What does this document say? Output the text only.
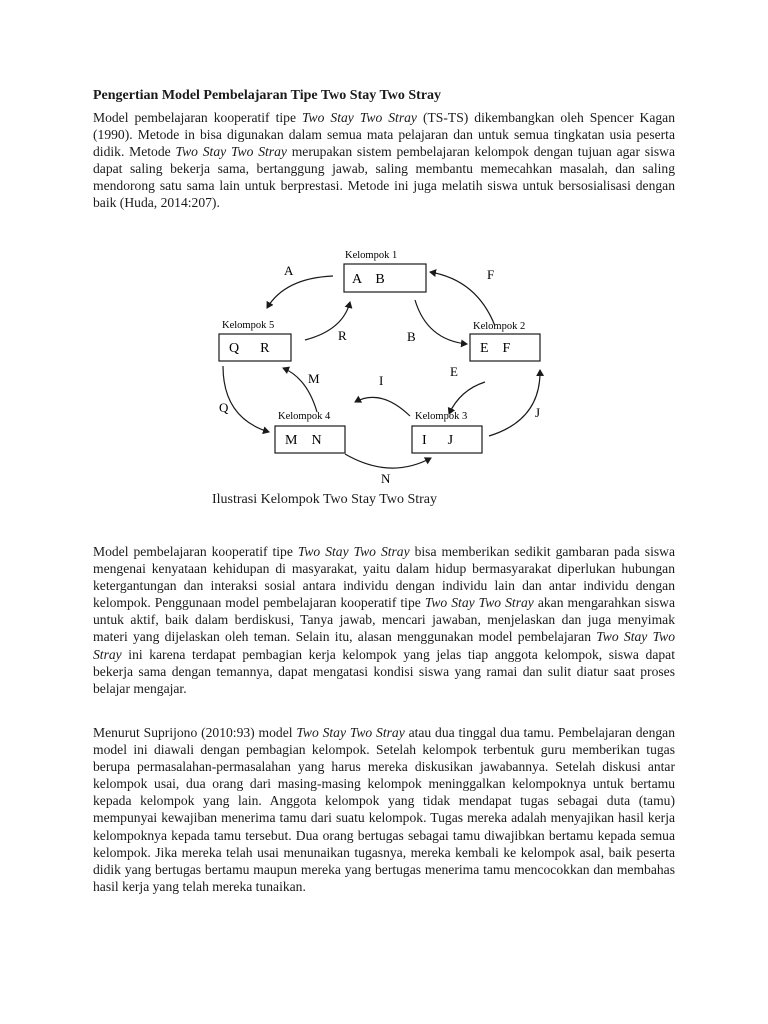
Pengertian Model Pembelajaran Tipe Two Stay Two Stray

Model pembelajaran kooperatif tipe Two Stay Two Stray (TS-TS) dikembangkan oleh Spencer Kagan (1990). Metode in bisa digunakan dalam semua mata pelajaran dan untuk semua tingkatan usia peserta didik. Metode Two Stay Two Stray merupakan sistem pembelajaran kelompok dengan tujuan agar siswa dapat saling bekerja sama, bertanggung jawab, saling membantu memecahkan masalah, dan saling mendorong satu sama lain untuk berprestasi. Metode ini juga melatih siswa untuk bersosialisasi dengan baik (Huda, 2014:207).

Model pembelajaran kooperatif tipe Two Stay Two Stray bisa memberikan sedikit gambaran pada siswa mengenai kenyataan kehidupan di masyarakat, yaitu dalam hidup bermasyarakat diperlukan hubungan ketergantungan dan interaksi sosial antara individu dengan individu lain dan antar individu dengan kelompok. Penggunaan model pembelajaran kooperatif tipe Two Stay Two Stray akan mengarahkan siswa untuk aktif, baik dalam berdiskusi, Tanya jawab, mencari jawaban, menjelaskan dan juga menyimak materi yang dijelaskan oleh teman. Selain itu, alasan menggunakan model pembelajaran Two Stay Two Stray ini karena terdapat pembagian kerja kelompok yang jelas tiap anggota kelompok, siswa dapat bekerja sama dengan temannya, dapat mengatasi kondisi siswa yang ramai dan sulit diatur saat proses belajar mengajar.

Menurut Suprijono (2010:93) model Two Stay Two Stray atau dua tinggal dua tamu. Pembelajaran dengan model ini diawali dengan pembagian kelompok. Setelah kelompok terbentuk guru memberikan tugas berupa permasalahan-permasalahan yang harus mereka diskusikan jawabannya. Setelah diskusi antar kelompok usai, dua orang dari masing-masing kelompok meninggalkan kelompoknya untuk bertamu kepada kelompok yang lain. Anggota kelompok yang tidak mendapat tugas sebagai duta (tamu) mempunyai kewajiban menerima tamu dari suatu kelompok. Tugas mereka adalah menyajikan hasil kerja kelompoknya kepada tamu tersebut. Dua orang bertugas sebagai tamu diwajibkan bertamu kepada semua kelompok. Jika mereka telah usai menunaikan tugasnya, mereka kembali ke kelompok asal, baik peserta didik yang bertugas bertamu maupun mereka yang bertugas menerima tamu mencocokkan dan membahas hasil kerja yang telah mereka tunaikan.

Kelompok 1
A    B
Kelompok 2
E    F
Kelompok 3
I      J
Kelompok 4
M    N
Kelompok 5
Q      R
A	F
R	B
M	I
E
Q	J
N
Ilustrasi Kelompok Two Stay Two Stray
